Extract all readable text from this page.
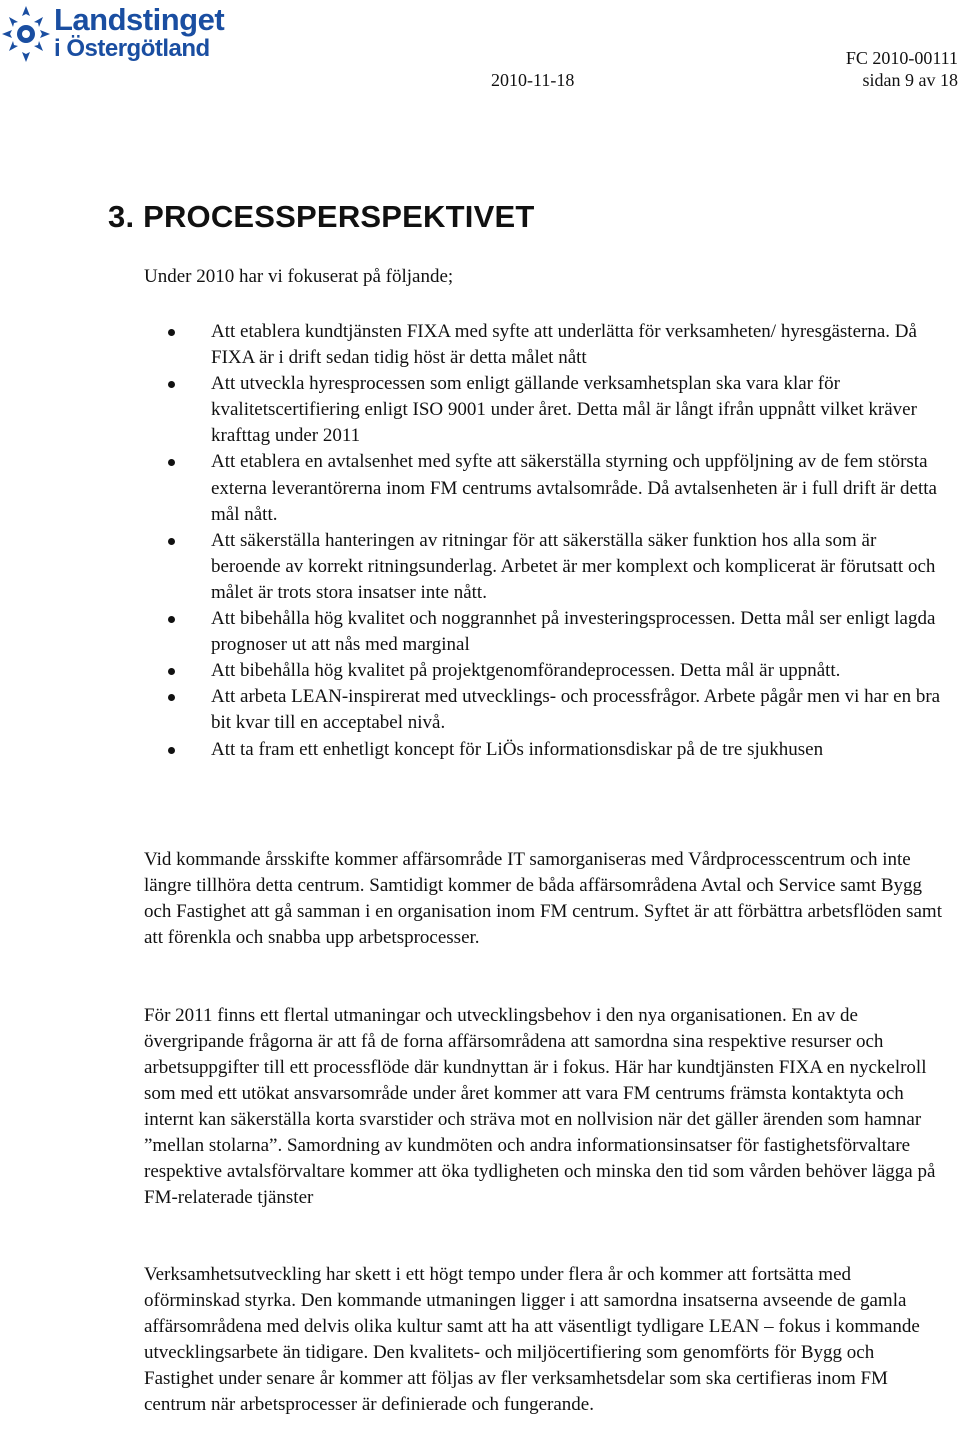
Landstinget
i Östergötland	FC 2010-00111
2010-11-18	sidan 9 av 18
3. PROCESSPERSPEKTIVET
Under 2010 har vi fokuserat på följande;
Att etablera kundtjänsten FIXA med syfte att underlätta för verksamheten/ hyresgästerna. Då FIXA är i drift sedan tidig höst är detta målet nått
Att utveckla hyresprocessen som enligt gällande verksamhetsplan ska vara klar för kvalitetscertifiering enligt ISO 9001 under året. Detta mål är långt ifrån uppnått vilket kräver krafttag under 2011
Att etablera en avtalsenhet med syfte att säkerställa styrning och uppföljning av de fem största externa leverantörerna inom FM centrums avtalsområde. Då avtalsenheten är i full drift är detta mål nått.
Att säkerställa hanteringen av ritningar för att säkerställa säker funktion hos alla som är beroende av korrekt ritningsunderlag. Arbetet är mer komplext och komplicerat är förutsatt och målet är trots stora insatser inte nått.
Att bibehålla hög kvalitet och noggrannhet på investeringsprocessen. Detta mål ser enligt lagda prognoser ut att nås med marginal
Att bibehålla hög kvalitet på projektgenomförandeprocessen. Detta mål är uppnått.
Att arbeta LEAN-inspirerat med utvecklings- och processfrågor. Arbete pågår men vi har en bra bit kvar till en acceptabel nivå.
Att ta fram ett enhetligt koncept för LiÖs informationsdiskar på de tre sjukhusen

Vid kommande årsskifte kommer affärsområde IT samorganiseras med Vårdprocesscentrum och inte längre tillhöra detta centrum. Samtidigt kommer de båda affärsområdena Avtal och Service samt Bygg och Fastighet att gå samman i en organisation inom FM centrum. Syftet är att förbättra arbetsflöden samt att förenkla och snabba upp arbetsprocesser.

För 2011 finns ett flertal utmaningar och utvecklingsbehov i den nya organisationen. En av de övergripande frågorna är att få de forna affärsområdena att samordna sina respektive resurser och arbetsuppgifter till ett processflöde där kundnyttan är i fokus. Här har kundtjänsten FIXA en nyckelroll som med ett utökat ansvarsområde under året kommer att vara FM centrums främsta kontaktyta och internt kan säkerställa korta svarstider och sträva mot en nollvision när det gäller ärenden som hamnar ”mellan stolarna”. Samordning av kundmöten och andra informationsinsatser för fastighetsförvaltare respektive avtalsförvaltare kommer att öka tydligheten och minska den tid som vården behöver lägga på FM-relaterade tjänster

Verksamhetsutveckling har skett i ett högt tempo under flera år och kommer att fortsätta med oförminskad styrka. Den kommande utmaningen ligger i att samordna insatserna avseende de gamla affärsområdena med delvis olika kultur samt att ha att väsentligt tydligare LEAN – fokus i kommande utvecklingsarbete än tidigare. Den kvalitets- och miljöcertifiering som genomförts för Bygg och Fastighet under senare år kommer att följas av fler verksamhetsdelar som ska certifieras inom FM centrum när arbetsprocesser är definierade och fungerande.
